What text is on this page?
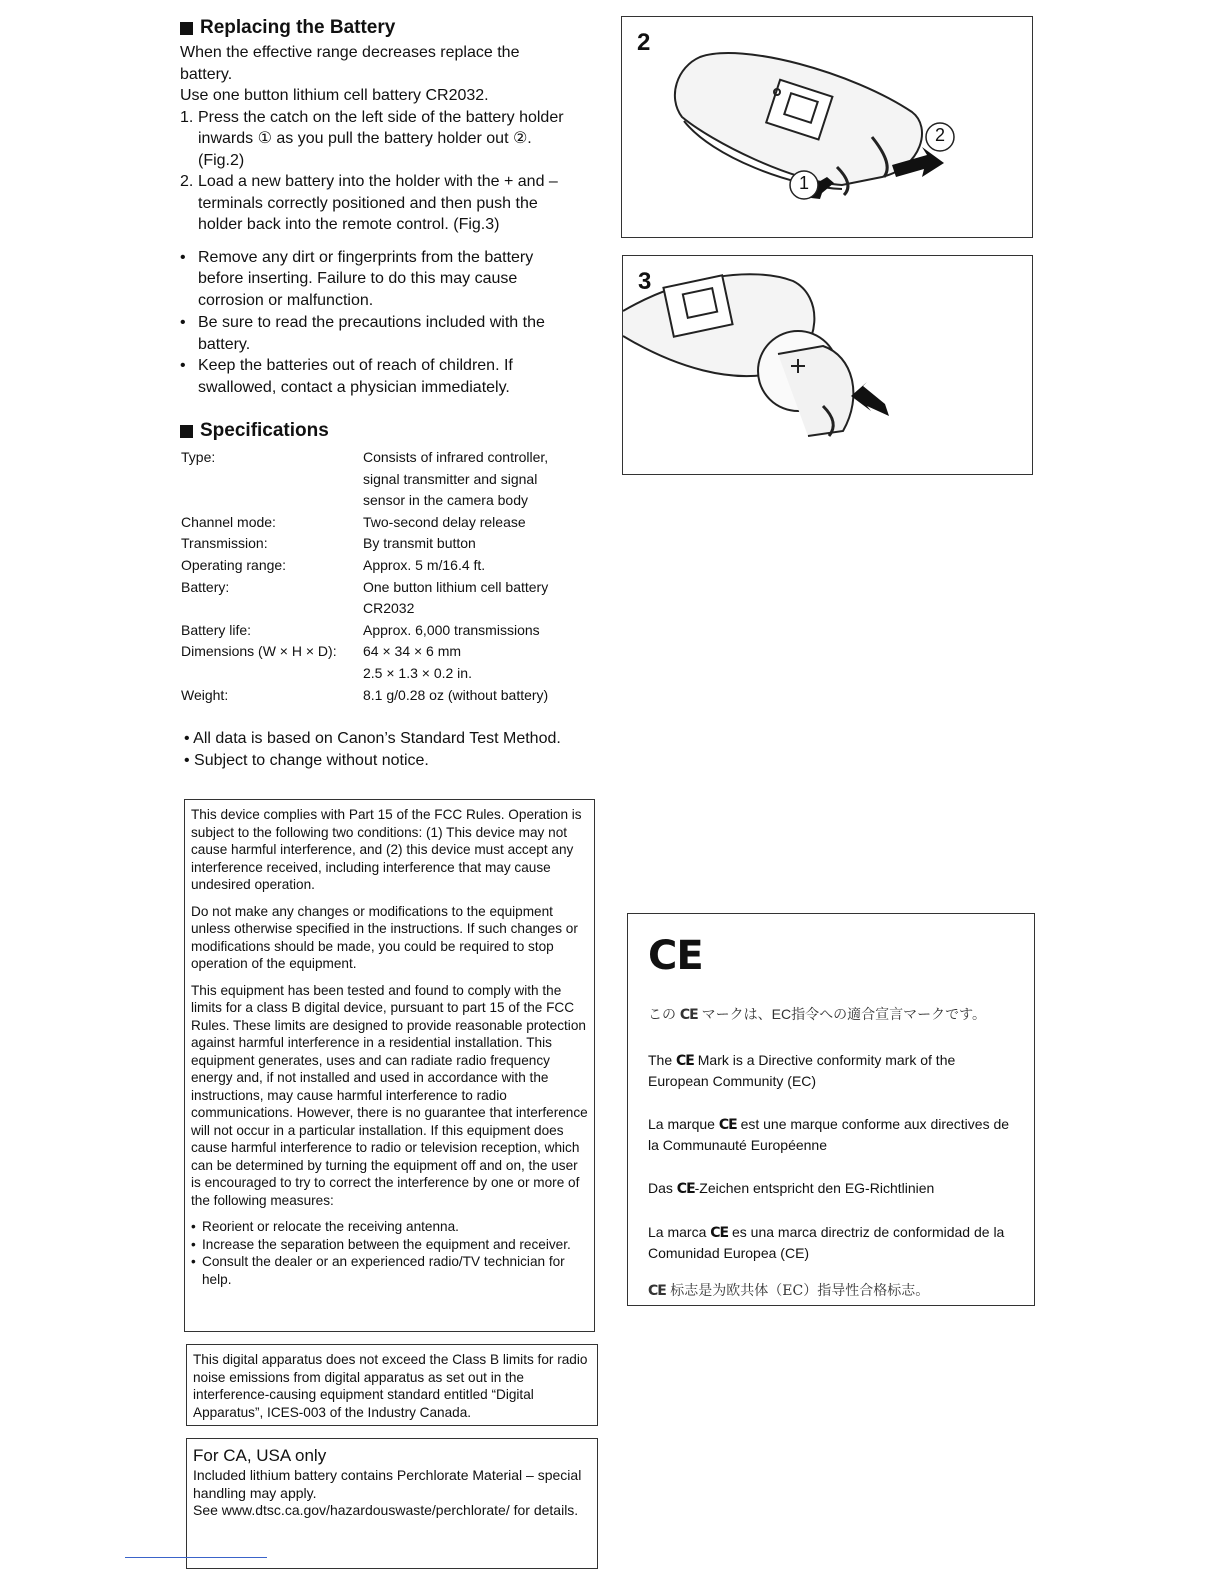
Replacing the Battery

When the effective range decreases replace the

battery.

Use one button lithium cell battery CR2032.

1. Press the catch on the left side of the battery holder
inwards ① as you pull the battery holder out ②.
(Fig.2)
2. Load a new battery into the holder with the + and –
terminals correctly positioned and then push the
holder back into the remote control. (Fig.3)
• Remove any dirt or fingerprints from the battery
before inserting. Failure to do this may cause
corrosion or malfunction.
• Be sure to read the precautions included with the
battery.
• Keep the batteries out of reach of children. If
swallowed, contact a physician immediately.
Specifications
Type:	Consists of infrared controller,
signal transmitter and signal
sensor in the camera body

Channel mode:	Two-second delay release
Transmission:	By transmit button
Operating range:	Approx. 5 m/16.4 ft.
Battery:	One button lithium cell battery
CR2032

Battery life:	Approx. 6,000 transmissions
Dimensions (W × H × D):	64 × 34 × 6 mm
2.5 × 1.3 × 0.2 in.

Weight:	8.1 g/0.28 oz (without battery)
• All data is based on Canon’s Standard Test Method.
• Subject to change without notice.

This device complies with Part 15 of the FCC Rules. Operation is subject to the following two conditions: (1) This device may not cause harmful interference, and (2) this device must accept any interference received, including interference that may cause undesired operation.

Do not make any changes or modifications to the equipment unless otherwise specified in the instructions. If such changes or modifications should be made, you could be required to stop operation of the equipment.

This equipment has been tested and found to comply with the limits for a class B digital device, pursuant to part 15 of the FCC Rules. These limits are designed to provide reasonable protection against harmful interference in a residential installation. This equipment generates, uses and can radiate radio frequency energy and, if not installed and used in accordance with the instructions, may cause harmful interference to radio communications. However, there is no guarantee that interference will not occur in a particular installation. If this equipment does cause harmful interference to radio or television reception, which can be determined by turning the equipment off and on, the user is encouraged to try to correct the interference by one or more of the following measures:

• Reorient or relocate the receiving antenna.
• Increase the separation between the equipment and receiver.
• Consult the dealer or an experienced radio/TV technician for help.
This digital apparatus does not exceed the Class B limits for radio noise emissions from digital apparatus as set out in the interference-causing equipment standard entitled “Digital Apparatus”, ICES-003 of the Industry Canada.
For CA, USA only
Included lithium battery contains Perchlorate Material – special handling may apply.
See www.dtsc.ca.gov/hazardouswaste/perchlorate/ for details.
2
2
1
3
CE

この CE マークは、EC指令への適合宣言マークです。

The CE Mark is a Directive conformity mark of the European Community (EC)

La marque CE est une marque conforme aux directives de la Communauté Européenne

Das CE-Zeichen entspricht den EG-Richtlinien

La marca CE es una marca directriz de conformidad de la Comunidad Europea (CE)

CE 标志是为欧共体（EC）指导性合格标志。
